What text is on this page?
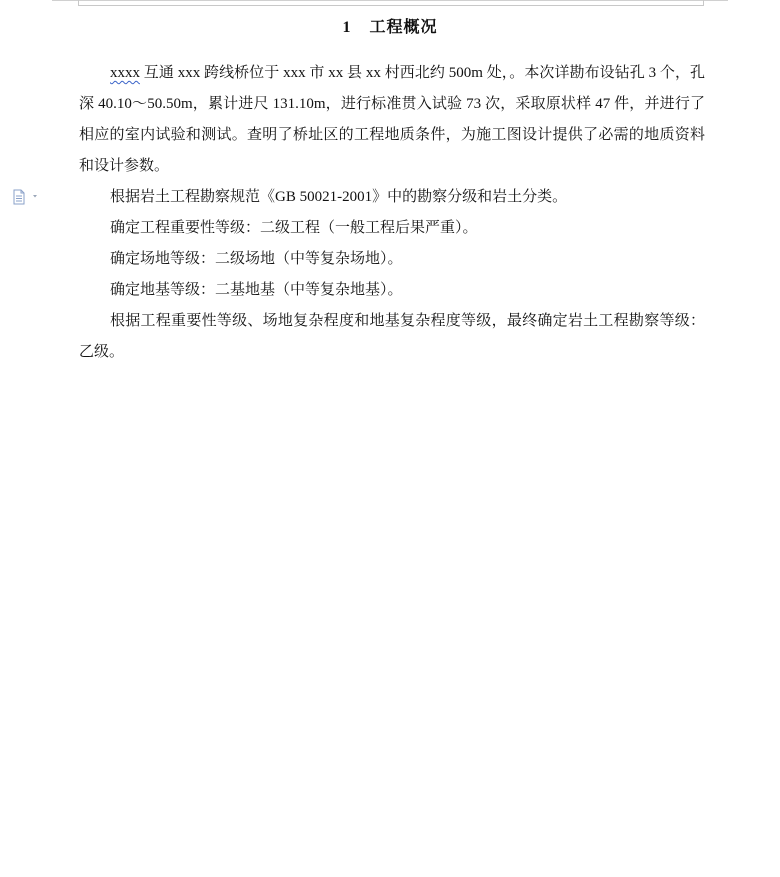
1 工程概况

xxxx 互通 xxx 跨线桥位于 xxx 市 xx 县 xx 村西北约 500m 处，。本次详勘布设钻孔 3 个，孔深 40.10～50.50m，累计进尺 131.10m，进行标准贯入试验 73 次，采取原状样 47 件，并进行了相应的室内试验和测试。查明了桥址区的工程地质条件，为施工图设计提供了必需的地质资料和设计参数。

根据岩土工程勘察规范《GB 50021-2001》中的勘察分级和岩土分类。

确定工程重要性等级：二级工程（一般工程后果严重）。

确定场地等级：二级场地（中等复杂场地）。

确定地基等级：二基地基（中等复杂地基）。

根据工程重要性等级、场地复杂程度和地基复杂程度等级，最终确定岩土工程勘察等级：乙级。
